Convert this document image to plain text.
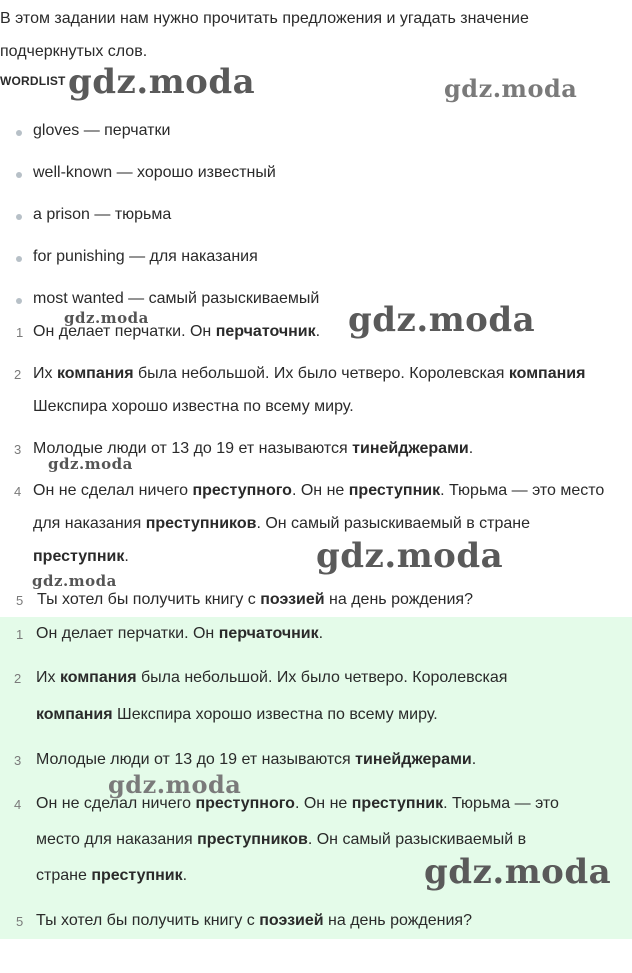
В этом задании нам нужно прочитать предложения и угадать значение
подчеркнутых слов.
WORDLIST
gloves — перчатки
well-known — хорошо известный
a prison — тюрьма
for punishing — для наказания
most wanted — самый разыскиваемый
1 Он делает перчатки. Он перчаточник.
2 Их компания была небольшой. Их было четверо. Королевская компания
Шекспира хорошо известна по всему миру.
3 Молодые люди от 13 до 19 ет называются тинейджерами.
4 Он не сделал ничего преступного. Он не преступник. Тюрьма — это место
для наказания преступников. Он самый разыскиваемый в стране
преступник.
5 Ты хотел бы получить книгу с поэзией на день рождения?
1 Он делает перчатки. Он перчаточник.
2 Их компания была небольшой. Их было четверо. Королевская
компания Шекспира хорошо известна по всему миру.
3 Молодые люди от 13 до 19 ет называются тинейджерами.
4 Он не сделал ничего преступного. Он не преступник. Тюрьма — это
место для наказания преступников. Он самый разыскиваемый в
стране преступник.
5 Ты хотел бы получить книгу с поэзией на день рождения?
gdz.moda	gdz.moda
gdz.moda
gdz.moda
gdz.moda
gdz.moda
gdz.moda
gdz.moda
gdz.moda
